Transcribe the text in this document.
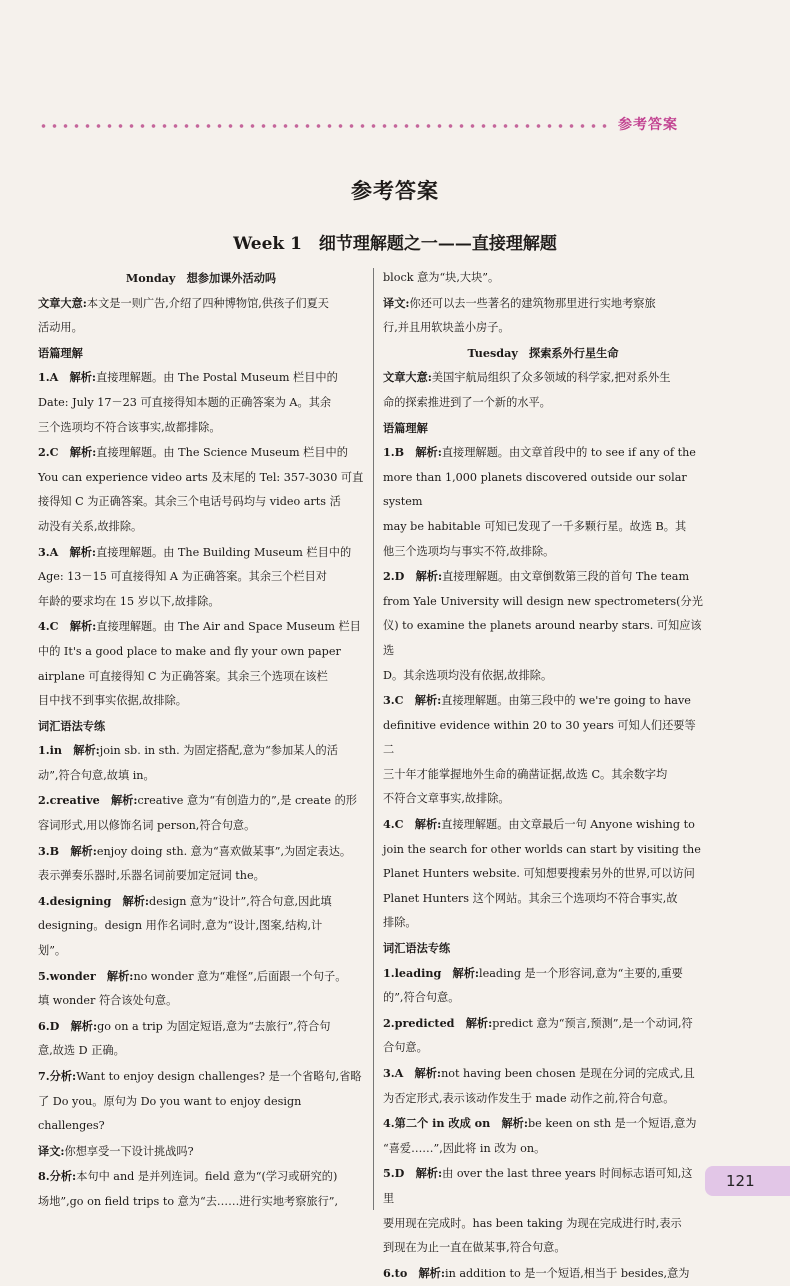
参考答案
参考答案
Week 1　细节理解题之一——直接理解题
Monday　想参加课外活动吗
文章大意:本文是一则广告,介绍了四种博物馆,供孩子们夏天
活动用。
语篇理解
1.A　解析:直接理解题。由 The Postal Museum 栏目中的
Date: July 17－23 可直接得知本题的正确答案为 A。其余
三个选项均不符合该事实,故都排除。
2.C　解析:直接理解题。由 The Science Museum 栏目中的
You can experience video arts 及末尾的 Tel: 357-3030 可直
接得知 C 为正确答案。其余三个电话号码均与 video arts 活
动没有关系,故排除。
3.A　解析:直接理解题。由 The Building Museum 栏目中的
Age: 13－15 可直接得知 A 为正确答案。其余三个栏目对
年龄的要求均在 15 岁以下,故排除。
4.C　解析:直接理解题。由 The Air and Space Museum 栏目
中的 It's a good place to make and fly your own paper
airplane 可直接得知 C 为正确答案。其余三个选项在该栏
目中找不到事实依据,故排除。
词汇语法专练
1.in　解析:join sb. in sth. 为固定搭配,意为“参加某人的活
动”,符合句意,故填 in。
2.creative　解析:creative 意为“有创造力的”,是 create 的形
容词形式,用以修饰名词 person,符合句意。
3.B　解析:enjoy doing sth. 意为“喜欢做某事”,为固定表达。
表示弹奏乐器时,乐器名词前要加定冠词 the。
4.designing　解析:design 意为“设计”,符合句意,因此填
designing。design 用作名词时,意为“设计,图案,结构,计
划”。
5.wonder　解析:no wonder 意为“难怪”,后面跟一个句子。
填 wonder 符合该处句意。
6.D　解析:go on a trip 为固定短语,意为“去旅行”,符合句
意,故选 D 正确。
7.分析:Want to enjoy design challenges? 是一个省略句,省略
了 Do you。原句为 Do you want to enjoy design challenges?
译文:你想享受一下设计挑战吗?
8.分析:本句中 and 是并列连词。field 意为“(学习或研究的)
场地”,go on field trips to 意为“去……进行实地考察旅行”,
block 意为“块,大块”。
译文:你还可以去一些著名的建筑物那里进行实地考察旅
行,并且用软块盖小房子。
Tuesday　探索系外行星生命
文章大意:美国宇航局组织了众多领域的科学家,把对系外生
命的探索推进到了一个新的水平。
语篇理解
1.B　解析:直接理解题。由文章首段中的 to see if any of the
more than 1,000 planets discovered outside our solar system
may be habitable 可知已发现了一千多颗行星。故选 B。其
他三个选项均与事实不符,故排除。
2.D　解析:直接理解题。由文章倒数第三段的首句 The team
from Yale University will design new spectrometers(分光
仪) to examine the planets around nearby stars. 可知应该选
D。其余选项均没有依据,故排除。
3.C　解析:直接理解题。由第三段中的 we're going to have
definitive evidence within 20 to 30 years 可知人们还要等二
三十年才能掌握地外生命的确凿证据,故选 C。其余数字均
不符合文章事实,故排除。
4.C　解析:直接理解题。由文章最后一句 Anyone wishing to
join the search for other worlds can start by visiting the
Planet Hunters website. 可知想要搜索另外的世界,可以访问
Planet Hunters 这个网站。其余三个选项均不符合事实,故
排除。
词汇语法专练
1.leading　解析:leading 是一个形容词,意为“主要的,重要
的”,符合句意。
2.predicted　解析:predict 意为“预言,预测”,是一个动词,符
合句意。
3.A　解析:not having been chosen 是现在分词的完成式,且
为否定形式,表示该动作发生于 made 动作之前,符合句意。
4.第二个 in 改成 on　解析:be keen on sth 是一个短语,意为
“喜爱……”,因此将 in 改为 on。
5.D　解析:由 over the last three years 时间标志语可知,这里
要用现在完成时。has been taking 为现在完成进行时,表示
到现在为止一直在做某事,符合句意。
6.to　解析:in addition to 是一个短语,相当于 besides,意为
121
